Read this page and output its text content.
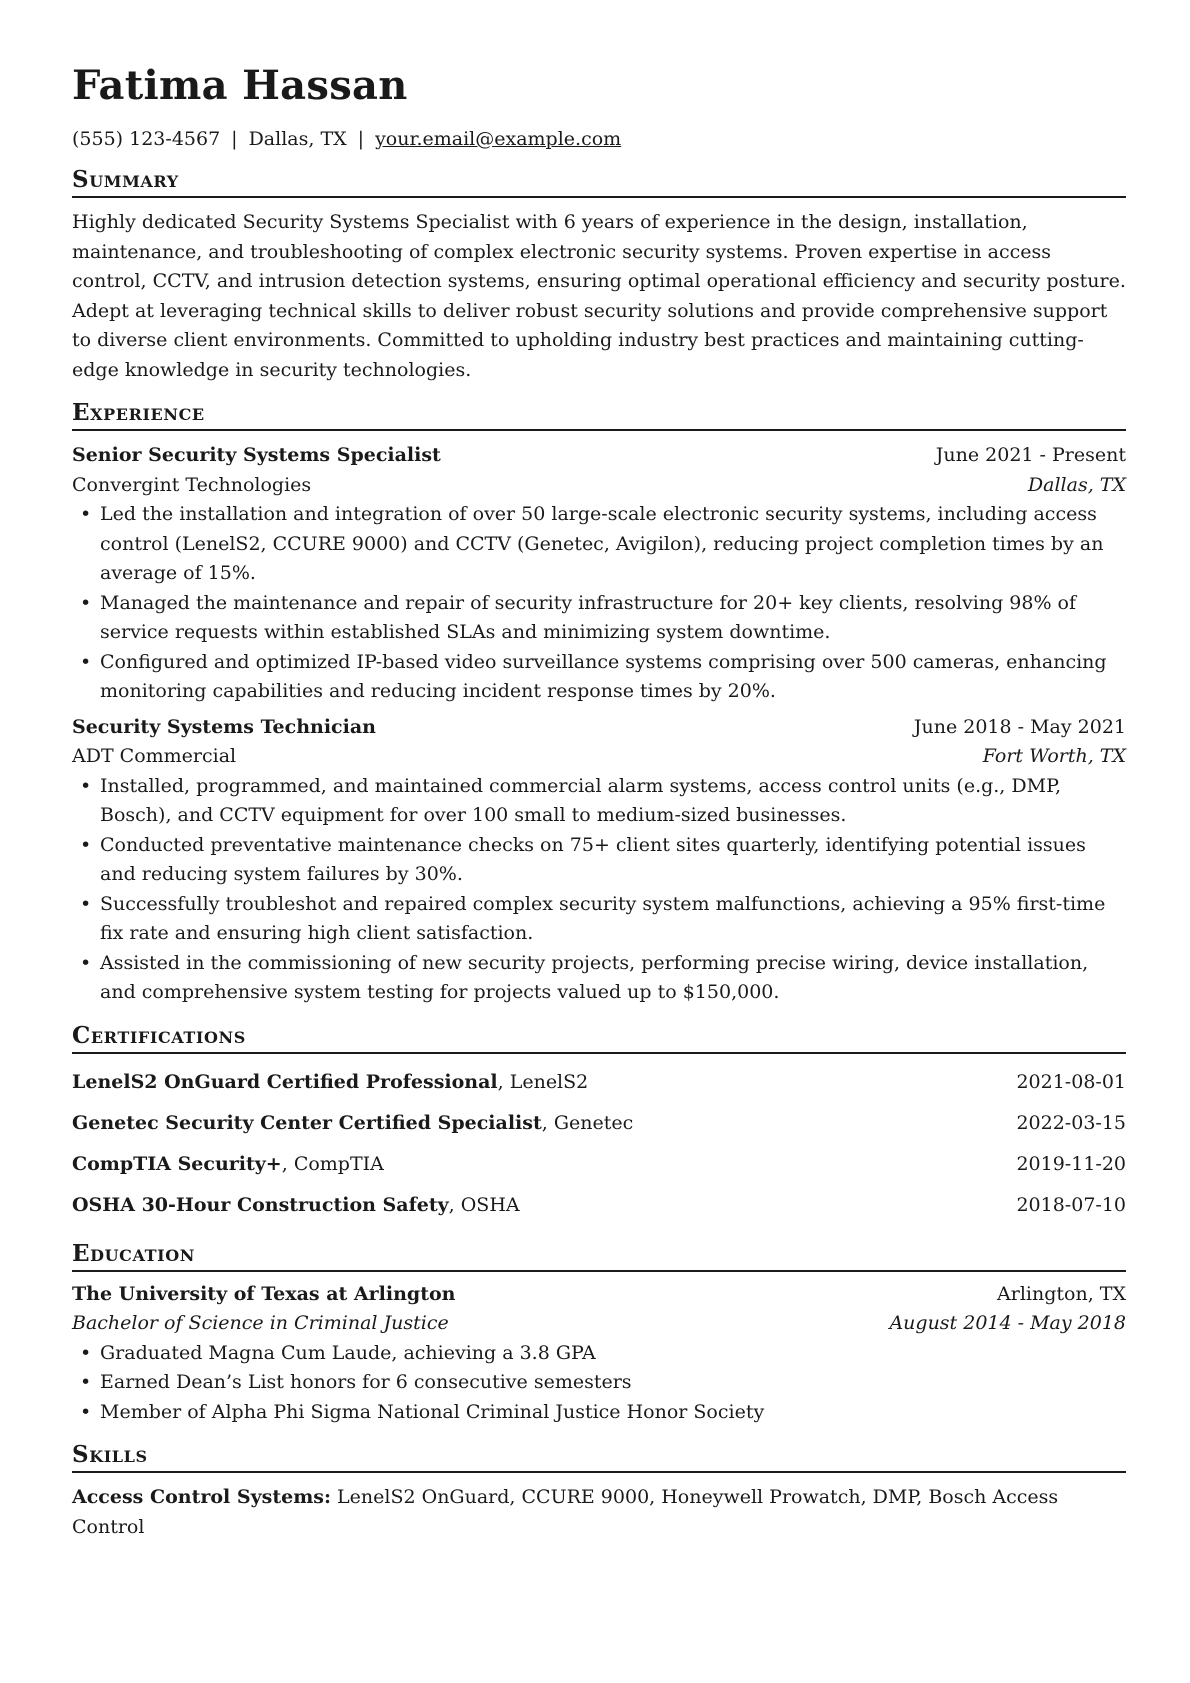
Fatima Hassan
(555) 123-4567 | Dallas, TX | your.email@example.com
Summary
Highly dedicated Security Systems Specialist with 6 years of experience in the design, installation, maintenance, and troubleshooting of complex electronic security systems. Proven expertise in access control, CCTV, and intrusion detection systems, ensuring optimal operational efficiency and security posture. Adept at leveraging technical skills to deliver robust security solutions and provide comprehensive support to diverse client environments. Committed to upholding industry best practices and maintaining cutting-edge knowledge in security technologies.
Experience
Senior Security Systems Specialist	June 2021 - Present
Convergint Technologies	Dallas, TX
• Led the installation and integration of over 50 large-scale electronic security systems, including access control (LenelS2, CCURE 9000) and CCTV (Genetec, Avigilon), reducing project completion times by an average of 15%.
• Managed the maintenance and repair of security infrastructure for 20+ key clients, resolving 98% of service requests within established SLAs and minimizing system downtime.
• Configured and optimized IP-based video surveillance systems comprising over 500 cameras, enhancing monitoring capabilities and reducing incident response times by 20%.
Security Systems Technician	June 2018 - May 2021
ADT Commercial	Fort Worth, TX
• Installed, programmed, and maintained commercial alarm systems, access control units (e.g., DMP, Bosch), and CCTV equipment for over 100 small to medium-sized businesses.
• Conducted preventative maintenance checks on 75+ client sites quarterly, identifying potential issues and reducing system failures by 30%.
• Successfully troubleshot and repaired complex security system malfunctions, achieving a 95% first-time fix rate and ensuring high client satisfaction.
• Assisted in the commissioning of new security projects, performing precise wiring, device installation, and comprehensive system testing for projects valued up to $150,000.
Certifications
LenelS2 OnGuard Certified Professional, LenelS2	2021-08-01
Genetec Security Center Certified Specialist, Genetec	2022-03-15
CompTIA Security+, CompTIA	2019-11-20
OSHA 30-Hour Construction Safety, OSHA	2018-07-10
Education
The University of Texas at Arlington	Arlington, TX
Bachelor of Science in Criminal Justice	August 2014 - May 2018
• Graduated Magna Cum Laude, achieving a 3.8 GPA
• Earned Dean’s List honors for 6 consecutive semesters
• Member of Alpha Phi Sigma National Criminal Justice Honor Society
Skills
Access Control Systems: LenelS2 OnGuard, CCURE 9000, Honeywell Prowatch, DMP, Bosch Access Control
